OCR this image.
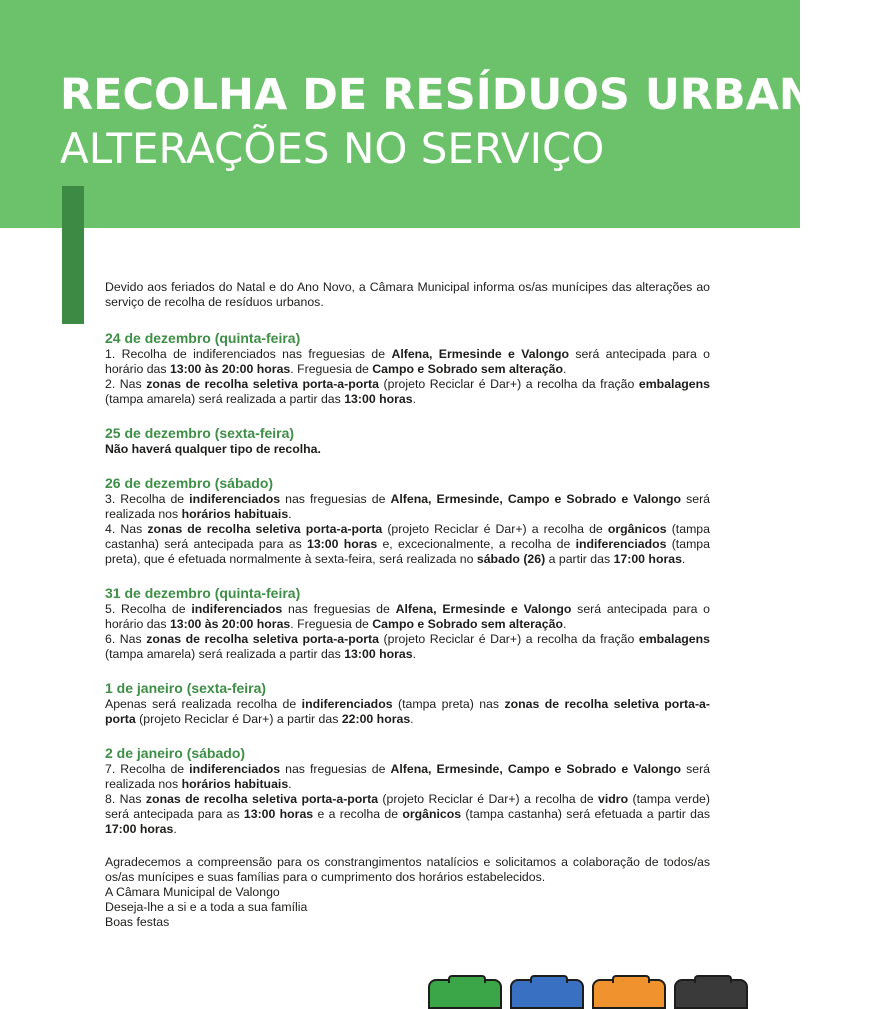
RECOLHA DE RESÍDUOS URBANOS
ALTERAÇÕES NO SERVIÇO

Devido aos feriados do Natal e do Ano Novo, a Câmara Municipal informa os/as munícipes das alterações ao serviço de recolha de resíduos urbanos.

24 de dezembro (quinta-feira)

1. Recolha de indiferenciados nas freguesias de Alfena, Ermesinde e Valongo será antecipada para o horário das 13:00 às 20:00 horas. Freguesia de Campo e Sobrado sem alteração.

2. Nas zonas de recolha seletiva porta-a-porta (projeto Reciclar é Dar+) a recolha da fração embalagens (tampa amarela) será realizada a partir das 13:00 horas.

25 de dezembro (sexta-feira)

Não haverá qualquer tipo de recolha.

26 de dezembro (sábado)

3. Recolha de indiferenciados nas freguesias de Alfena, Ermesinde, Campo e Sobrado e Valongo será realizada nos horários habituais.

4. Nas zonas de recolha seletiva porta-a-porta (projeto Reciclar é Dar+) a recolha de orgânicos (tampa castanha) será antecipada para as 13:00 horas e, excecionalmente, a recolha de indiferenciados (tampa preta), que é efetuada normalmente à sexta-feira, será realizada no sábado (26) a partir das 17:00 horas.

31 de dezembro (quinta-feira)

5. Recolha de indiferenciados nas freguesias de Alfena, Ermesinde e Valongo será antecipada para o horário das 13:00 às 20:00 horas. Freguesia de Campo e Sobrado sem alteração.

6. Nas zonas de recolha seletiva porta-a-porta (projeto Reciclar é Dar+) a recolha da fração embalagens (tampa amarela) será realizada a partir das 13:00 horas.

1 de janeiro (sexta-feira)

Apenas será realizada recolha de indiferenciados (tampa preta) nas zonas de recolha seletiva porta-a-porta (projeto Reciclar é Dar+) a partir das 22:00 horas.

2 de janeiro (sábado)

7. Recolha de indiferenciados nas freguesias de Alfena, Ermesinde, Campo e Sobrado e Valongo será realizada nos horários habituais.

8. Nas zonas de recolha seletiva porta-a-porta (projeto Reciclar é Dar+) a recolha de vidro (tampa verde) será antecipada para as 13:00 horas e a recolha de orgânicos (tampa castanha) será efetuada a partir das 17:00 horas.

Agradecemos a compreensão para os constrangimentos natalícios e solicitamos a colaboração de todos/as os/as munícipes e suas famílias para o cumprimento dos horários estabelecidos.

A Câmara Municipal de Valongo

Deseja-lhe a si e a toda a sua família

Boas festas
